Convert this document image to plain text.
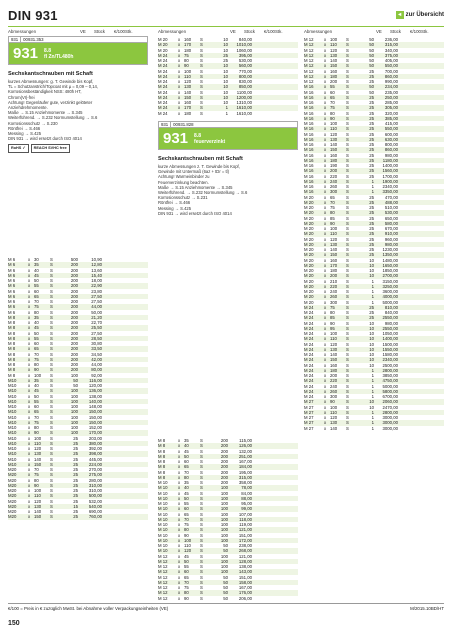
DIN 931	◂ zur Übersicht
Abmessungen	VE	Stück	€/100Stk.	Abmessungen	VE	Stück	€/100Stk.	Abmessungen	VE	Stück	€/100Stk.
931	00931.353
931 8.8
fl Zn/TL480h
Sechskantschrauben mit Schaft
kurzes Abmessungen: g. T. Gewinde bis Kopf,
TL = Schutzanstrich/Topcoat mit µ = 0,09 – 0,14,
Korrosionsbeständigkeit NSS: 480h HT,
Chrom(VI)-frei
Achtung! Gegenläufer gute, verzinkt gelöteter
Anziehdrehmomente.
Maße → S.15 Anziehmomente → S.345
Weiterführend. → S.232 Normumstellung → S.6
Korrosionsschutz → S.230
Röntfrei → S.466
Messing → S.425
DIN 931 → wird ersetzt durch ISO 4014
RoHS ✓	REACH SVHC free
M 6	x 30	S	500	10,90
M 6	x 35	S	200	12,80
M 6	x 40	S	200	13,60
M 6	x 45	S	200	15,40
M 6	x 50	S	200	18,00
M 6	x 55	S	200	22,90
M 6	x 60	S	200	23,80
M 6	x 65	S	200	27,50
M 6	x 70	S	200	27,50
M 6	x 75	S	200	44,00
M 6	x 80	S	200	50,00
M 8	x 35	S	200	21,20
M 8	x 40	S	200	22,70
M 8	x 45	S	200	25,50
M 8	x 50	S	200	27,50
M 8	x 55	S	200	28,50
M 8	x 60	S	200	30,80
M 8	x 65	S	200	33,50
M 8	x 70	S	200	34,50
M 8	x 75	S	200	42,00
M 8	x 80	S	200	44,00
M 8	x 90	S	200	80,00
M 8	x 100	S	100	92,00
M10	x 35	S	50	116,00
M10	x 40	S	50	120,00
M10	x 45	S	100	136,00
M10	x 50	S	100	138,00
M10	x 55	S	100	140,00
M10	x 60	S	100	148,00
M10	x 65	S	100	150,00
M10	x 70	S	100	150,00
M10	x 75	S	100	150,00
M10	x 80	S	100	152,00
M10	x 90	S	100	170,00
M10	x 100	S	25	203,00
M10	x 110	S	25	380,00
M10	x 120	S	25	392,00
M10	x 130	S	25	398,00
M10	x 140	S	25	445,00
M10	x 150	S	25	224,00
M20	x 70	S	25	270,00
M20	x 75	S	25	275,00
M20	x 80	S	25	280,00
M20	x 90	S	25	310,00
M20	x 100	S	25	310,00
M20	x 110	S	25	500,00
M20	x 120	S	25	532,00
M20	x 130	S	15	540,00
M20	x 140	S	25	690,00
M20	x 150	S	25	760,00
M 20	x 160	S	10	840,00
M 20	x 170	S	10	1010,00
M 20	x 180	S	10	1060,00
M 24	x 75	S	25	395,00
M 24	x 80	S	25	530,00
M 24	x 90	S	10	560,00
M 24	x 100	S	10	770,00
M 24	x 110	S	10	800,00
M 24	x 120	S	10	830,00
M 24	x 130	S	10	850,00
M 24	x 140	S	10	1100,00
M 24	x 150	S	10	1200,00
M 24	x 160	S	10	1310,00
M 24	x 170	S	1	1610,00
M 24	x 180	S	1	1610,00
931	00931.828
931 8.8
feuerverzinkt
Sechskantschrauben mit Schaft
kurze Abmessungen z. T. Gewinde bis Kopf,
Gewinde mit Untermaß (6az + tDr = tl)
Achtung! Warmeinbinder zu
Feuerverzinkung beachten.
Maße → S.15 Anziehmomente → S.345
Weiterführend. → S.232 Normumstellung → S.6
Korrosionsschutz → S.231
Röntfrei → S.466
Messing → S.425
DIN 931 → wird ersetzt durch ISO 4014
M 8	x 35	S	200	115,00
M 8	x 40	S	200	126,00
M 8	x 45	S	200	132,00
M 8	x 50	S	200	251,00
M 8	x 60	S	200	167,00
M 8	x 65	S	200	184,00
M 8	x 70	S	200	195,00
M 8	x 80	S	200	315,00
M 10	x 35	S	200	358,00
M 10	x 40	S	100	78,00
M 10	x 45	S	100	84,00
M 10	x 50	S	100	88,00
M 10	x 55	S	100	95,00
M 10	x 60	S	100	99,00
M 10	x 65	S	100	107,00
M 10	x 70	S	100	118,00
M 10	x 75	S	100	119,00
M 10	x 80	S	100	121,00
M 10	x 90	S	100	151,00
M 10	x 100	S	100	172,00
M 10	x 110	S	50	238,00
M 10	x 120	S	50	268,00
M 12	x 45	S	100	121,00
M 12	x 50	S	100	128,00
M 12	x 55	S	100	138,00
M 12	x 60	S	100	143,00
M 12	x 65	S	50	151,00
M 12	x 70	S	50	158,00
M 12	x 75	S	50	167,00
M 12	x 80	S	50	176,00
M 12	x 90	S	50	206,00
M 12	x 100	S	50	236,00
M 12	x 110	S	50	315,00
M 12	x 120	S	50	340,00
M 12	x 130	S	50	375,00
M 12	x 140	S	50	405,00
M 12	x 150	S	50	550,00
M 12	x 160	S	25	700,00
M 12	x 180	S	25	860,00
M 12	x 200	S	25	990,00
M 16	x 55	S	50	234,00
M 16	x 60	S	50	235,00
M 16	x 65	S	25	250,00
M 16	x 70	S	25	285,00
M 16	x 75	S	25	305,00
M 16	x 80	S	25	320,00
M 16	x 90	S	25	385,00
M 16	x 100	S	25	415,00
M 16	x 110	S	25	550,00
M 16	x 120	S	25	600,00
M 16	x 130	S	25	630,00
M 16	x 140	S	25	800,00
M 16	x 150	S	25	860,00
M 16	x 160	S	25	980,00
M 16	x 180	S	25	1180,00
M 16	x 190	S	25	1400,00
M 16	x 200	S	25	1560,00
M 16	x 220	S	25	1700,00
M 16	x 240	S	1	1900,00
M 16	x 260	S	1	2340,00
M 16	x 300	S	1	3350,00
M 20	x 65	S	25	470,00
M 20	x 70	S	25	488,00
M 20	x 75	S	25	510,00
M 20	x 80	S	25	530,00
M 20	x 85	S	25	650,00
M 20	x 90	S	25	580,00
M 20	x 100	S	25	670,00
M 20	x 110	S	25	910,00
M 20	x 120	S	25	960,00
M 20	x 130	S	25	980,00
M 20	x 140	S	25	1230,00
M 20	x 150	S	25	1350,00
M 20	x 160	S	10	1480,00
M 20	x 170	S	10	1650,00
M 20	x 180	S	10	1850,00
M 20	x 200	S	10	2700,00
M 20	x 210	S	1	3150,00
M 20	x 220	S	1	3250,00
M 20	x 240	S	1	3600,00
M 20	x 260	S	1	4000,00
M 20	x 300	S	1	5000,00
M 24	x 75	S	25	810,00
M 24	x 80	S	25	840,00
M 24	x 85	S	25	2550,00
M 24	x 90	S	10	980,00
M 24	x 95	S	10	2550,00
M 24	x 100	S	10	1050,00
M 24	x 110	S	10	1400,00
M 24	x 120	S	10	1500,00
M 24	x 130	S	10	1550,00
M 24	x 140	S	10	1580,00
M 24	x 150	S	10	2340,00
M 24	x 160	S	10	2500,00
M 24	x 180	S	1	2800,00
M 24	x 200	S	1	3850,00
M 24	x 220	S	1	4750,00
M 24	x 240	S	1	5000,00
M 24	x 260	S	1	5800,00
M 24	x 300	S	1	6700,00
M 27	x 90	S	10	2060,00
M 27	x 100	S	10	2470,00
M 27	x 110	S	1	2800,00
M 27	x 120	S	1	3000,00
M 27	x 130	S	1	3000,00
M 27	x 140	S	1	3000,00
€/100 = Preis in € zuzüglich MwSt. bei Abnahme voller Verpackungseinheiten (VE)	M/2015.10BD/HT
150
